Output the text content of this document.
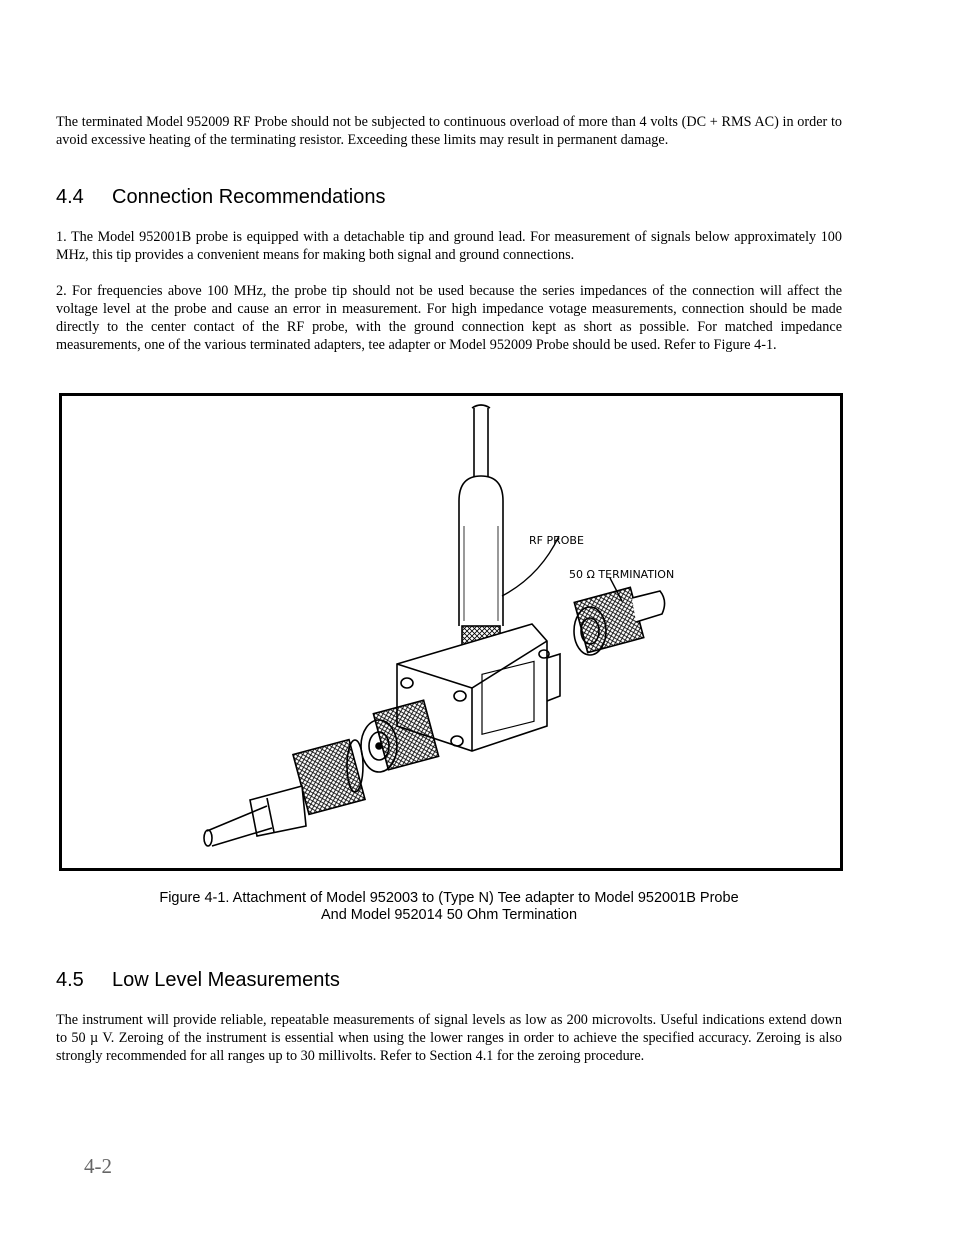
The terminated Model 952009 RF Probe should not be subjected to continuous overload of more than 4 volts (DC + RMS AC) in order to avoid excessive heating of the terminating resistor. Exceeding these limits may result in permanent damage.

4.4	Connection Recommendations

1. The Model 952001B probe is equipped with a detachable tip and ground lead. For measurement of signals below approximately 100 MHz, this tip provides a convenient means for making both signal and ground connections.

2. For frequencies above 100 MHz, the probe tip should not be used because the series impedances of the connection will affect the voltage level at the probe and cause an error in measurement. For high impedance votage measurements, connection should be made directly to the center contact of the RF probe, with the ground connection kept as short as possible. For matched impedance measurements, one of the various terminated adapters, tee adapter or Model 952009 Probe should be used. Refer to Figure 4-1.

4.5	Low Level Measurements

The instrument will provide reliable, repeatable measurements of signal levels as low as 200 microvolts. Useful indications extend down to 50 µ V. Zeroing of the instrument is essential when using the lower ranges in order to achieve the specified accuracy. Zeroing is also strongly recommended for all ranges up to 30 millivolts. Refer to Section 4.1 for the zeroing procedure.

RF PROBE
50 Ω TERMINATION
Figure 4-1. Attachment of Model 952003 to (Type N) Tee adapter to Model 952001B Probe
And Model 952014 50 Ohm Termination
4-2
